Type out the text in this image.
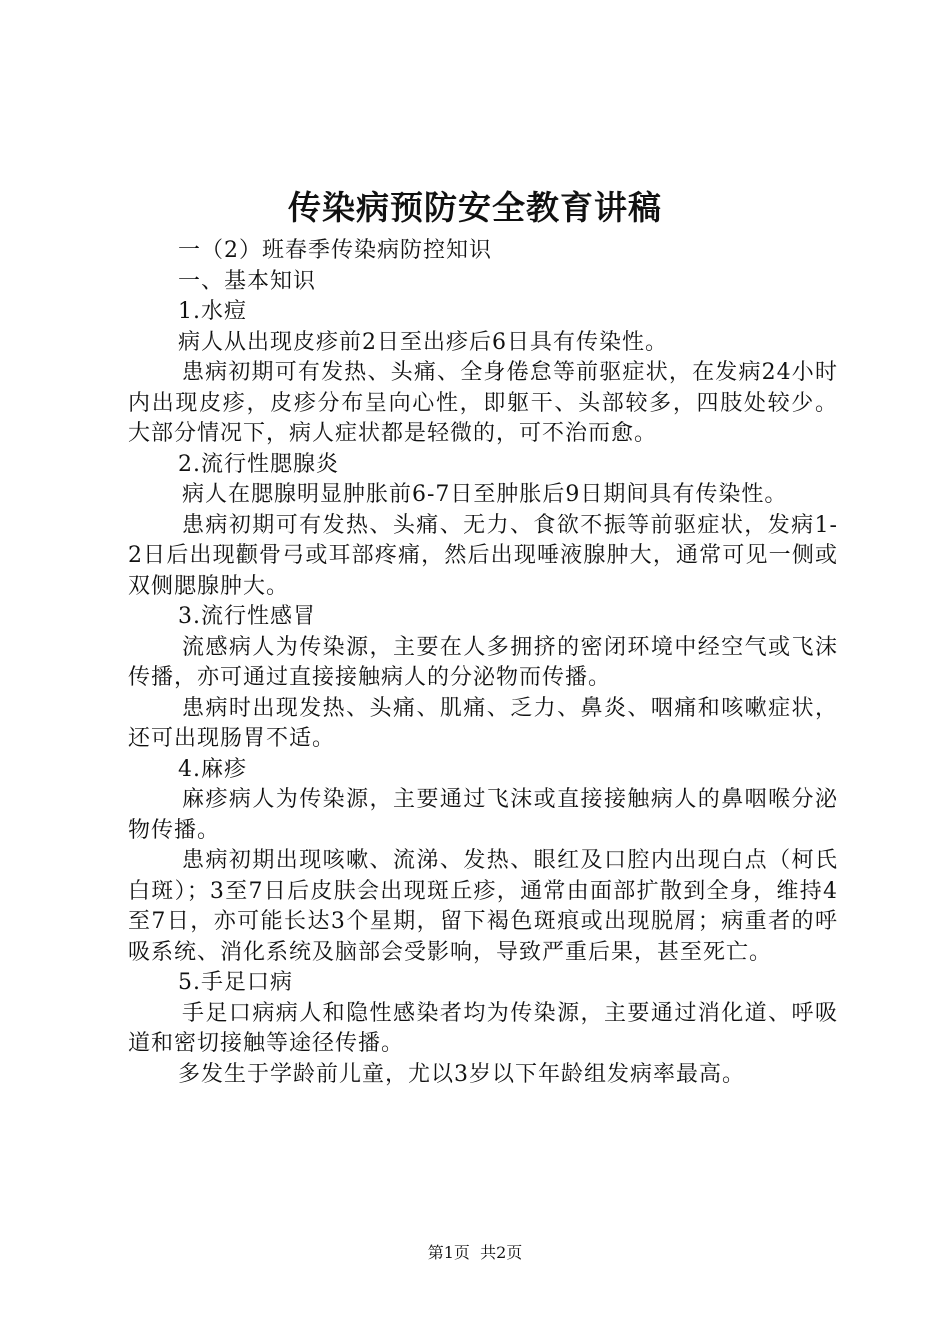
传染病预防安全教育讲稿

一（2）班春季传染病防控知识

一、基本知识

1.水痘

病人从出现皮疹前2日至出疹后6日具有传染性。

患病初期可有发热、头痛、全身倦怠等前驱症状，在发病24小时内出现皮疹，皮疹分布呈向心性，即躯干、头部较多，四肢处较少。大部分情况下，病人症状都是轻微的，可不治而愈。

2.流行性腮腺炎

病人在腮腺明显肿胀前6-7日至肿胀后9日期间具有传染性。

患病初期可有发热、头痛、无力、食欲不振等前驱症状，发病1-2日后出现颧骨弓或耳部疼痛，然后出现唾液腺肿大，通常可见一侧或双侧腮腺肿大。

3.流行性感冒

流感病人为传染源，主要在人多拥挤的密闭环境中经空气或飞沫传播，亦可通过直接接触病人的分泌物而传播。

患病时出现发热、头痛、肌痛、乏力、鼻炎、咽痛和咳嗽症状，还可出现肠胃不适。

4.麻疹

麻疹病人为传染源，主要通过飞沫或直接接触病人的鼻咽喉分泌物传播。

患病初期出现咳嗽、流涕、发热、眼红及口腔内出现白点（柯氏白斑）；3至7日后皮肤会出现斑丘疹，通常由面部扩散到全身，维持4至7日，亦可能长达3个星期，留下褐色斑痕或出现脱屑；病重者的呼吸系统、消化系统及脑部会受影响，导致严重后果，甚至死亡。

5.手足口病

手足口病病人和隐性感染者均为传染源，主要通过消化道、呼吸道和密切接触等途径传播。

多发生于学龄前儿童，尤以3岁以下年龄组发病率最高。

第1页 共2页
